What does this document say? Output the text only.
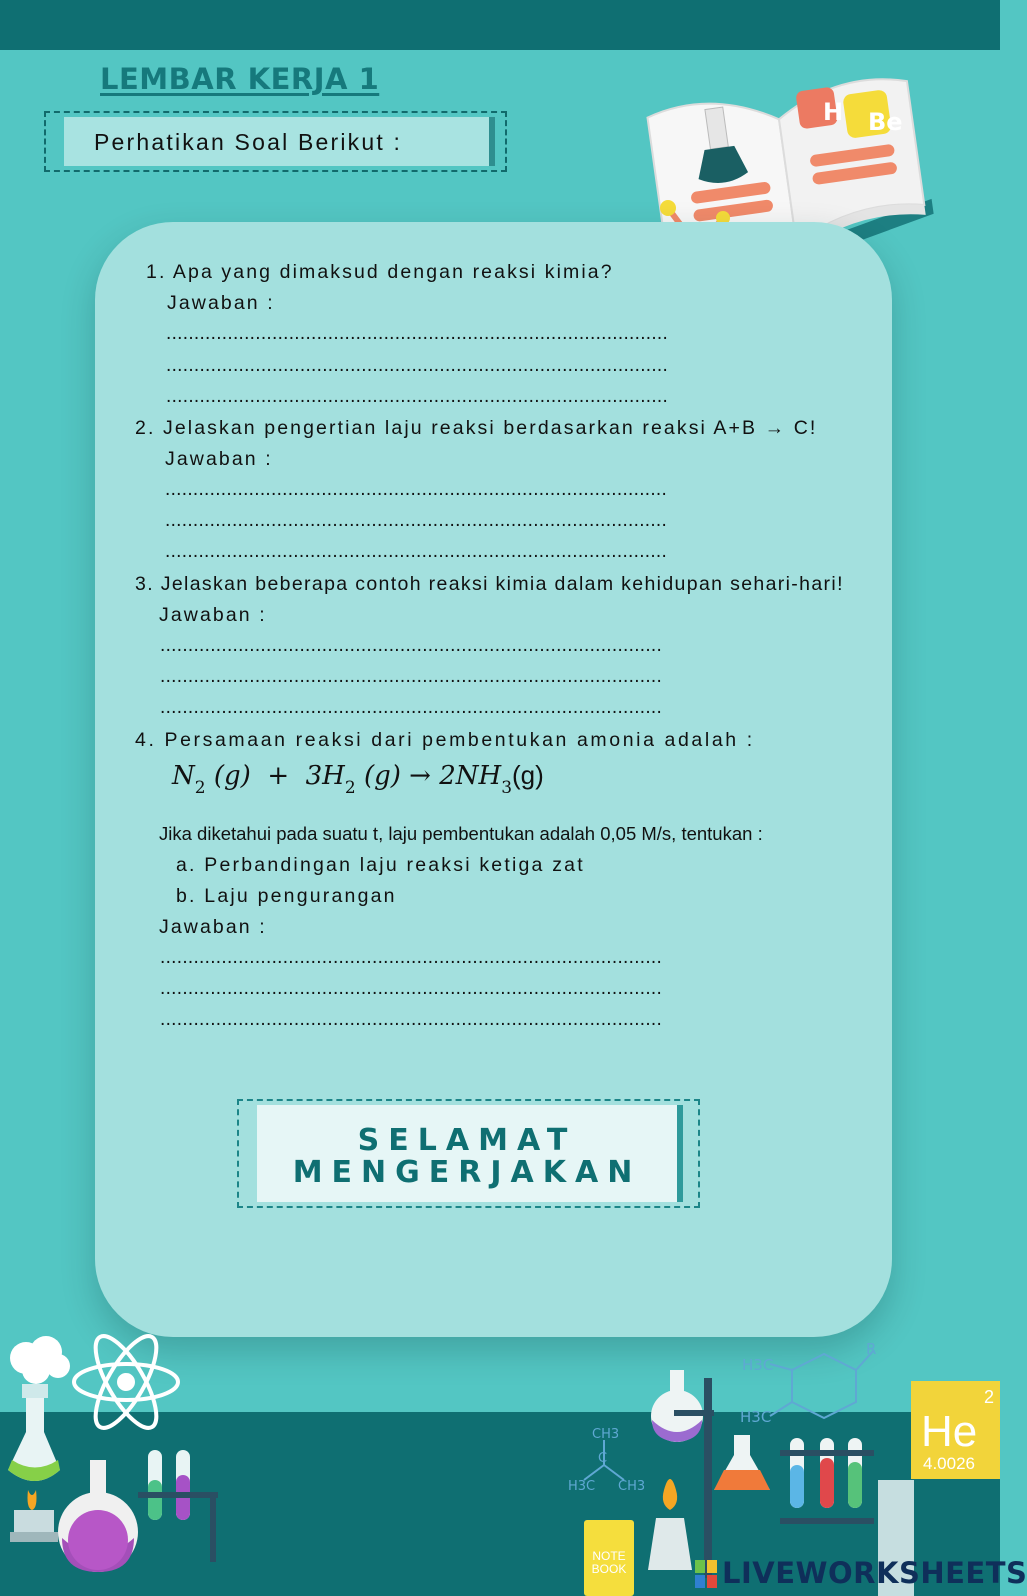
LEMBAR KERJA 1
Perhatikan Soal Berikut :
H Be
1. Apa yang dimaksud dengan reaksi kimia?
Jawaban :
..........................................................................................
..........................................................................................
..........................................................................................
2. Jelaskan pengertian laju reaksi berdasarkan reaksi A+B → C!
Jawaban :
..........................................................................................
..........................................................................................
..........................................................................................
3. Jelaskan beberapa contoh reaksi kimia dalam kehidupan sehari-hari!
Jawaban :
..........................................................................................
..........................................................................................
..........................................................................................
4. Persamaan reaksi dari pembentukan amonia adalah :
$N_2$ $(g) + 3H_2$ $(g) \to 2NH_3(g)$
Jika diketahui pada suatu t, laju pembentukan adalah 0,05 M/s, tentukan :
a. Perbandingan laju reaksi ketiga zat
b. Laju pengurangan
Jawaban :
..........................................................................................
..........................................................................................
..........................................................................................
SELAMAT
MENGERJAKAN
H3C
R
H3C
CH3
C
H3C CH3
NOTE BOOK
2
He
4.0026
LIVEWORKSHEETS
